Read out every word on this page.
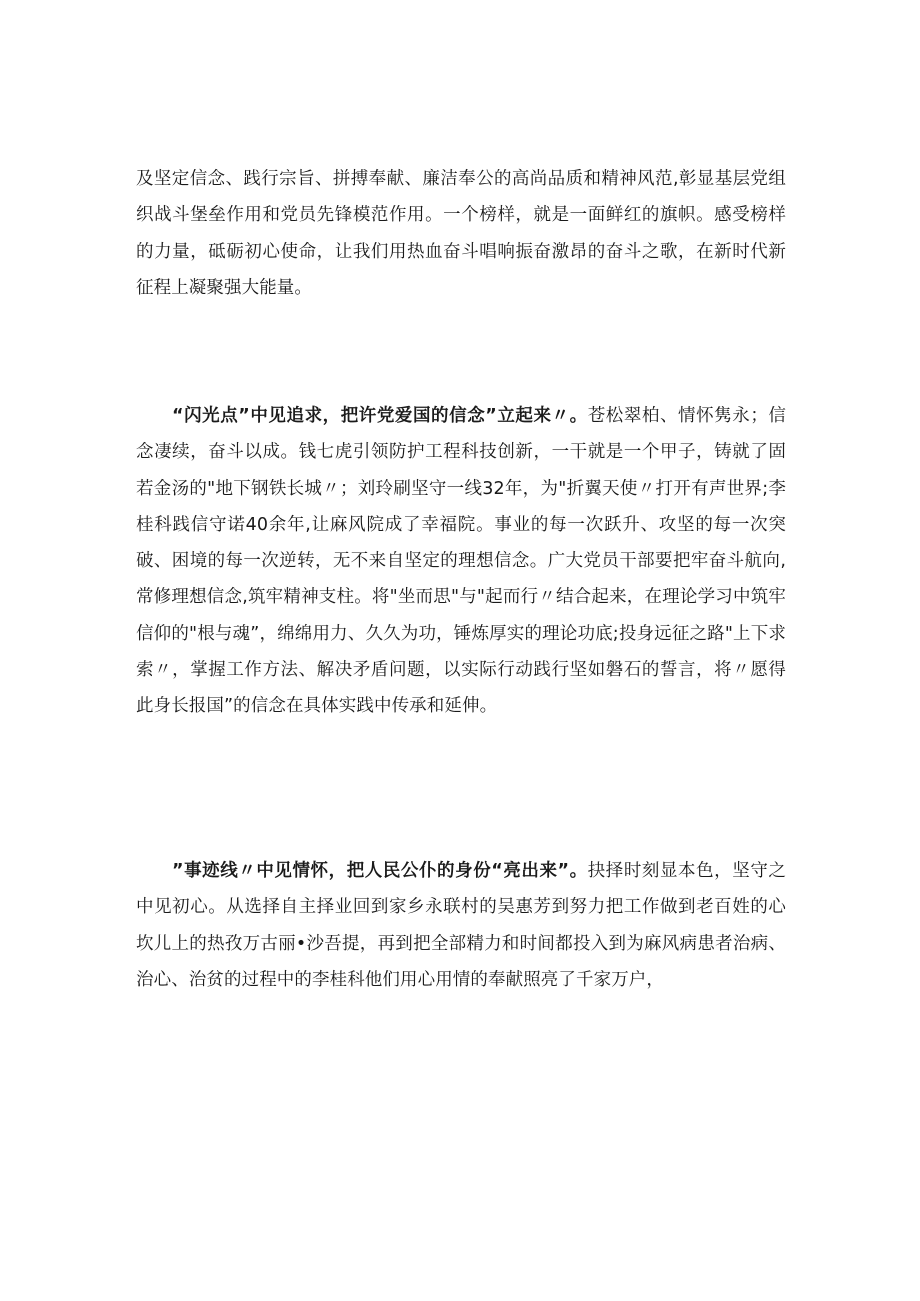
及坚定信念、践行宗旨、拼搏奉献、廉洁奉公的高尚品质和精神风范,彰显基层党组织战斗堡垒作用和党员先锋模范作用。一个榜样，就是一面鲜红的旗帜。感受榜样的力量，砥砺初心使命，让我们用热血奋斗唱响振奋激昂的奋斗之歌，在新时代新征程上凝聚强大能量。

“闪光点”中见追求，把许党爱国的信念”立起来〃。苍松翠柏、情怀隽永；信念凄续，奋斗以成。钱七虎引领防护工程科技创新，一干就是一个甲子，铸就了固若金汤的"地下钢铁长城〃；刘玲刷坚守一线32年，为"折翼天使〃打开有声世界;李桂科践信守诺40余年,让麻风院成了幸福院。事业的每一次跃升、攻坚的每一次突破、困境的每一次逆转，无不来自坚定的理想信念。广大党员干部要把牢奋斗航向,常修理想信念,筑牢精神支柱。将"坐而思"与"起而行〃结合起来，在理论学习中筑牢信仰的"根与魂”，绵绵用力、久久为功，锤炼厚实的理论功底;投身远征之路"上下求索〃，掌握工作方法、解决矛盾问题，以实际行动践行坚如磐石的誓言，将〃愿得此身长报国”的信念在具体实践中传承和延伸。

”事迹线〃中见情怀，把人民公仆的身份“亮出来”。抉择时刻显本色，坚守之中见初心。从选择自主择业回到家乡永联村的吴惠芳到努力把工作做到老百姓的心坎儿上的热孜万古丽•沙吾提，再到把全部精力和时间都投入到为麻风病患者治病、治心、治贫的过程中的李桂科他们用心用情的奉献照亮了千家万户，
